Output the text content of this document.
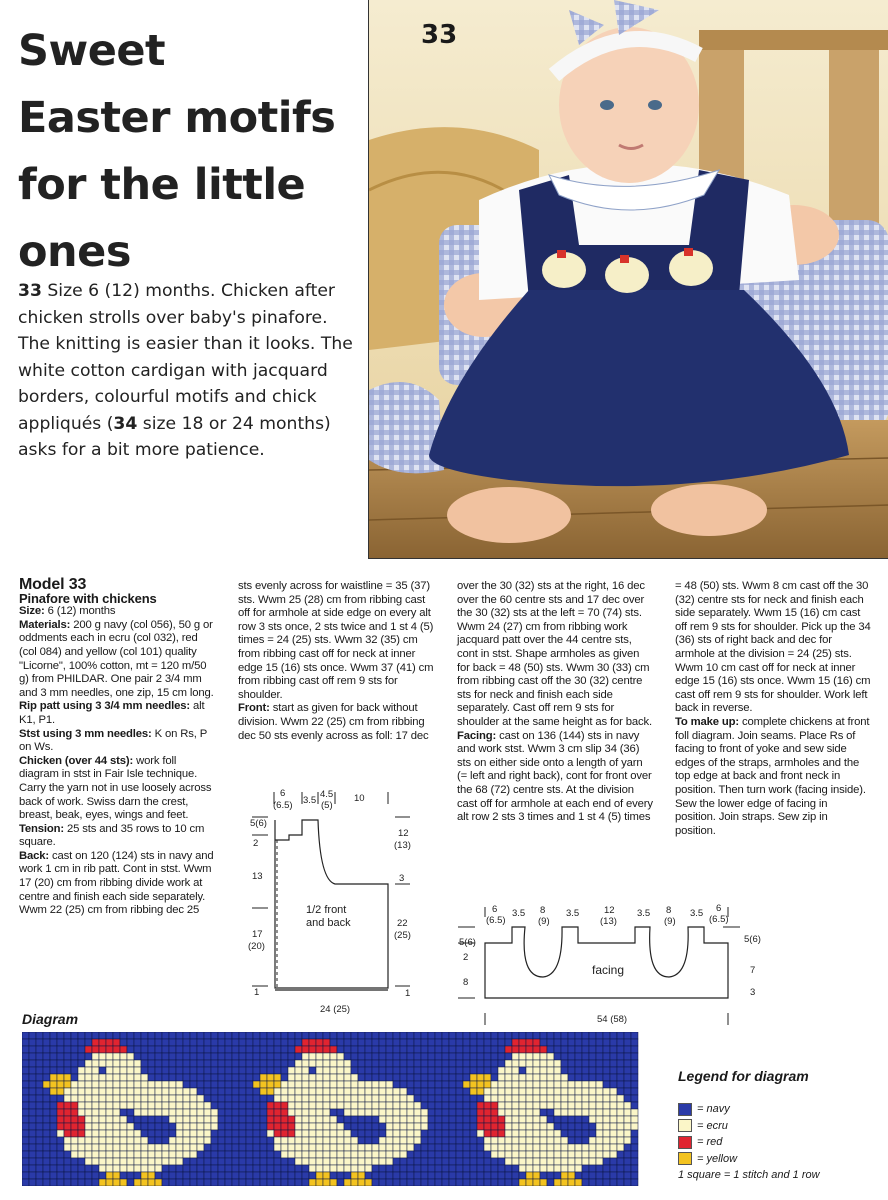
Sweet
Easter motifs
for the little
ones

33 Size 6 (12) months. Chicken after chicken strolls over baby's pinafore. The knitting is easier than it looks. The white cotton cardigan with jacquard borders, colourful motifs and chick appliqués (34 size 18 or 24 months) asks for a bit more patience.

33

Model 33

Pinafore with chickens

Size: 6 (12) months

Materials: 200 g navy (col 056), 50 g or oddments each in ecru (col 032), red (col 084) and yellow (col 101) quality "Licorne", 100% cotton, mt = 120 m/50 g) from PHILDAR. One pair 2 3/4 mm and 3 mm needles, one zip, 15 cm long.

Rip patt using 3 3/4 mm needles: alt K1, P1.

Stst using 3 mm needles: K on Rs, P on Ws.

Chicken (over 44 sts): work foll diagram in stst in Fair Isle technique. Carry the yarn not in use loosely across back of work. Swiss darn the crest, breast, beak, eyes, wings and feet.

Tension: 25 sts and 35 rows to 10 cm square.

Back: cast on 120 (124) sts in navy and work 1 cm in rib patt. Cont in stst. Wwm 17 (20) cm from ribbing divide work at centre and finish each side separately. Wwm 22 (25) cm from ribbing dec 25

sts evenly across for waistline = 35 (37) sts. Wwm 25 (28) cm from ribbing cast off for armhole at side edge on every alt row 3 sts once, 2 sts twice and 1 st 4 (5) times = 24 (25) sts. Wwm 32 (35) cm from ribbing cast off for neck at inner edge 15 (16) sts once. Wwm 37 (41) cm from ribbing cast off rem 9 sts for shoulder.

Front: start as given for back without division. Wwm 22 (25) cm from ribbing dec 50 sts evenly across as foll: 17 dec

over the 30 (32) sts at the right, 16 dec over the 60 centre sts and 17 dec over the 30 (32) sts at the left = 70 (74) sts. Wwm 24 (27) cm from ribbing work jacquard patt over the 44 centre sts, cont in stst. Shape armholes as given for back = 48 (50) sts. Wwm 30 (33) cm from ribbing cast off the 30 (32) centre sts for neck and finish each side separately. Cast off rem 9 sts for shoulder at the same height as for back.

Facing: cast on 136 (144) sts in navy and work stst. Wwm 3 cm slip 34 (36) sts on either side onto a length of yarn (= left and right back), cont for front over the 68 (72) centre sts. At the division cast off for armhole at each end of every alt row 2 sts 3 times and 1 st 4 (5) times

= 48 (50) sts. Wwm 8 cm cast off the 30 (32) centre sts for neck and finish each side separately. Wwm 15 (16) cm cast off rem 9 sts for shoulder. Pick up the 34 (36) sts of right back and dec for armhole at the division = 24 (25) sts. Wwm 10 cm cast off for neck at inner edge 15 (16) sts once. Wwm 15 (16) cm cast off rem 9 sts for shoulder. Work left back in reverse.

To make up: complete chickens at front foll diagram. Join seams. Place Rs of facing to front of yoke and sew side edges of the straps, armholes and the top edge at back and front neck in position. Then turn work (facing inside). Sew the lower edge of facing in position. Join straps. Sew zip in position.

6
(6.5) 3.5
4.5
(5)
10
5(6)
2
13
17
(20)
1
12
(13)
3
22
(25)
1
1/2 front
and back
24 (25)
6
(6.5)
3.5 8
(9)
3.5	12
(13)
3.5 8
(9)
3.5 6
(6.5)
5(6)
2
8
5(6)
7
3
facing
54 (58)
Diagram
Legend for diagram
= navy
= ecru
= red
= yellow
1 square = 1 stitch and 1 row
